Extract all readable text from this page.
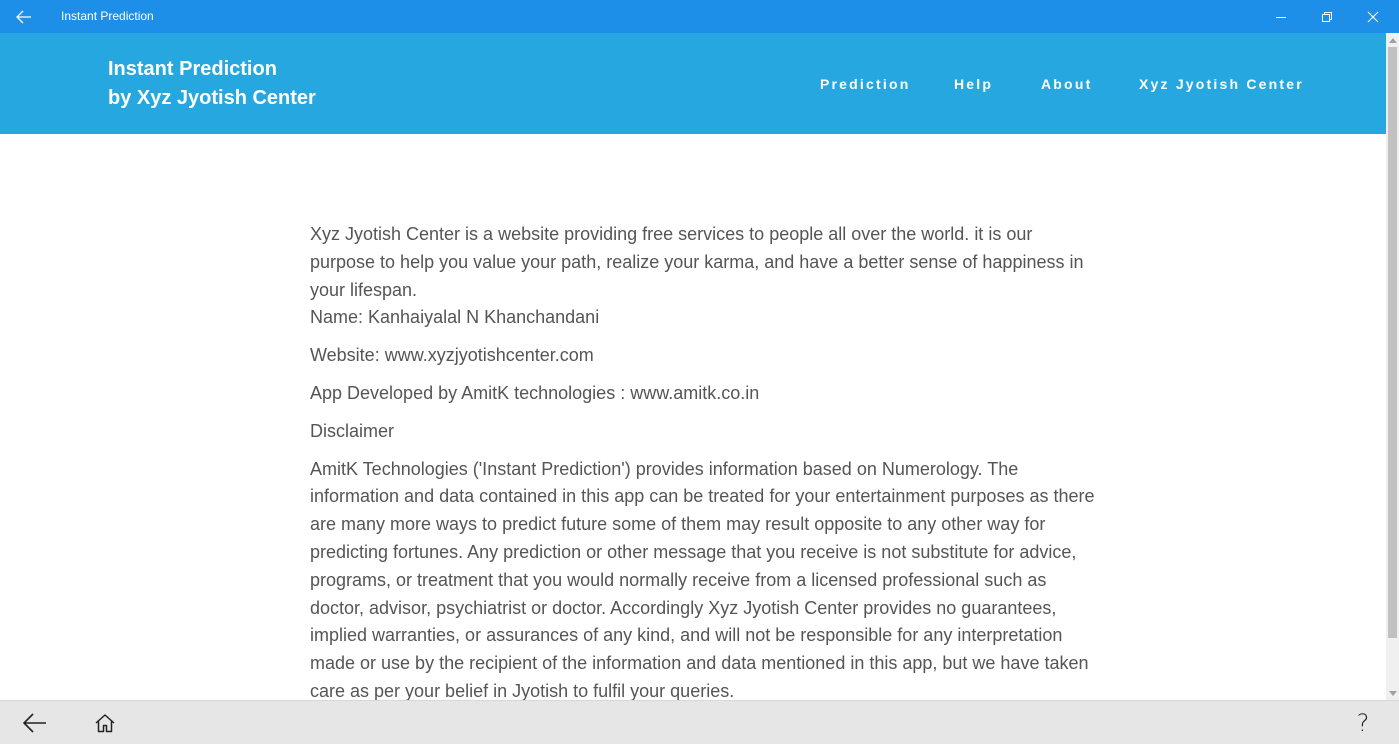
Instant Prediction
Instant Prediction
by Xyz Jyotish Center
Prediction	Help	About	Xyz Jyotish Center

Xyz Jyotish Center is a website providing free services to people all over the world. it is our purpose to help you value your path, realize your karma, and have a better sense of happiness in your lifespan.

Name: Kanhaiyalal N Khanchandani

Website: www.xyzjyotishcenter.com

App Developed by AmitK technologies : www.amitk.co.in

Disclaimer

AmitK Technologies ('Instant Prediction') provides information based on Numerology. The information and data contained in this app can be treated for your entertainment purposes as there are many more ways to predict future some of them may result opposite to any other way for predicting fortunes. Any prediction or other message that you receive is not substitute for advice, programs, or treatment that you would normally receive from a licensed professional such as doctor, advisor, psychiatrist or doctor. Accordingly Xyz Jyotish Center provides no guarantees, implied warranties, or assurances of any kind, and will not be responsible for any interpretation made or use by the recipient of the information and data mentioned in this app, but we have taken care as per your belief in Jyotish to fulfil your queries.

?
